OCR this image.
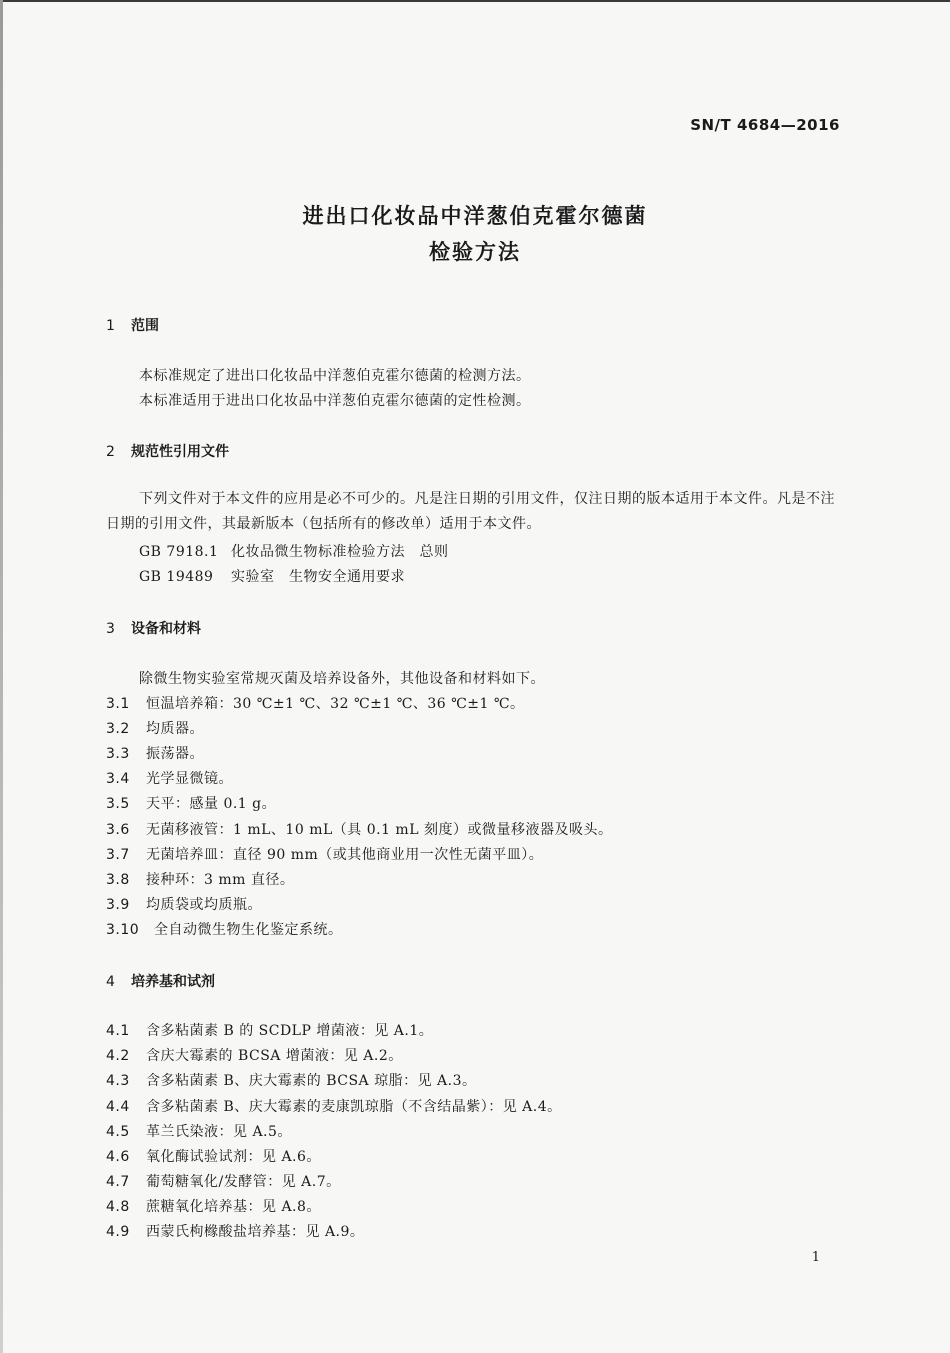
SN/T 4684—2016
进出口化妆品中洋葱伯克霍尔德菌
检验方法
1 范围
本标准规定了进出口化妆品中洋葱伯克霍尔德菌的检测方法。
本标准适用于进出口化妆品中洋葱伯克霍尔德菌的定性检测。
2 规范性引用文件
下列文件对于本文件的应用是必不可少的。凡是注日期的引用文件，仅注日期的版本适用于本文件。凡是不注日期的引用文件，其最新版本（包括所有的修改单）适用于本文件。
GB 7918.1 化妆品微生物标准检验方法　总则
GB 19489 实验室　生物安全通用要求
3 设备和材料
除微生物实验室常规灭菌及培养设备外，其他设备和材料如下。
3.1 恒温培养箱：30 ℃±1 ℃、32 ℃±1 ℃、36 ℃±1 ℃。
3.2 均质器。
3.3 振荡器。
3.4 光学显微镜。
3.5 天平：感量 0.1 g。
3.6 无菌移液管：1 mL、10 mL（具 0.1 mL 刻度）或微量移液器及吸头。
3.7 无菌培养皿：直径 90 mm（或其他商业用一次性无菌平皿）。
3.8 接种环：3 mm 直径。
3.9 均质袋或均质瓶。
3.10 全自动微生物生化鉴定系统。
4 培养基和试剂
4.1 含多粘菌素 B 的 SCDLP 增菌液：见 A.1。
4.2 含庆大霉素的 BCSA 增菌液：见 A.2。
4.3 含多粘菌素 B、庆大霉素的 BCSA 琼脂：见 A.3。
4.4 含多粘菌素 B、庆大霉素的麦康凯琼脂（不含结晶紫）：见 A.4。
4.5 革兰氏染液：见 A.5。
4.6 氧化酶试验试剂：见 A.6。
4.7 葡萄糖氧化/发酵管：见 A.7。
4.8 蔗糖氧化培养基：见 A.8。
4.9 西蒙氏枸橼酸盐培养基：见 A.9。
1
